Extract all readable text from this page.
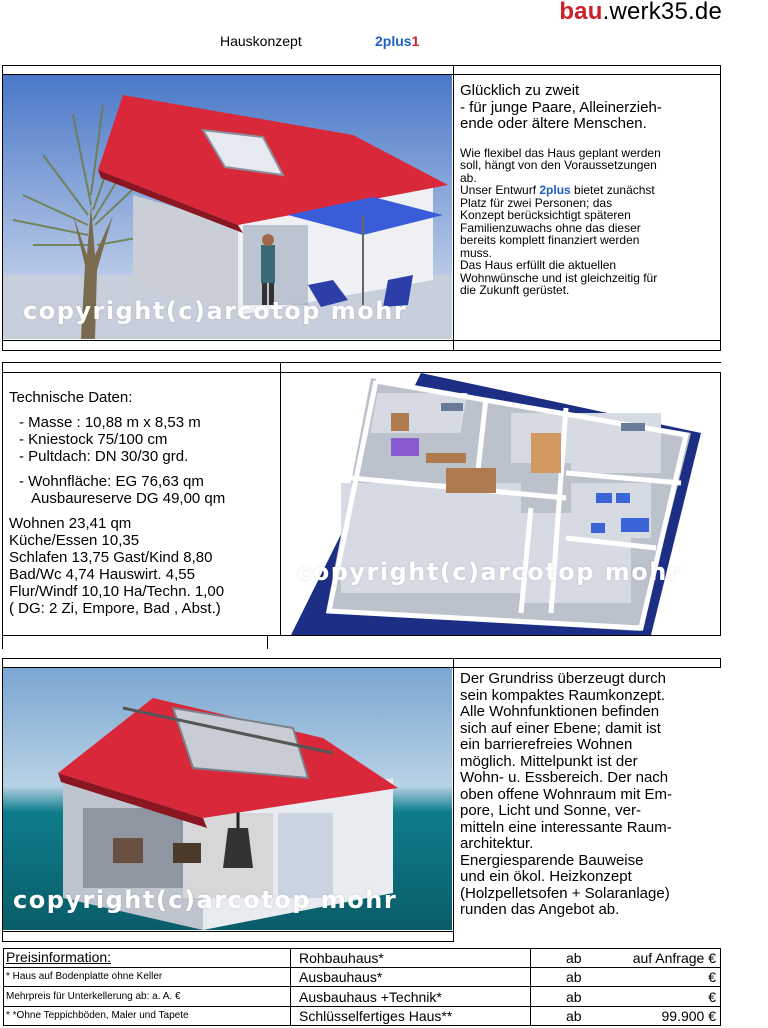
bau.werk35.de
Hauskonzept	2plus1
copyright(c)arcotop mohr
Glücklich zu zweit
- für junge Paare, Alleinerzieh-
ende oder ältere Menschen.
Wie flexibel das Haus geplant werden
soll, hängt von den Voraussetzungen
ab.
Unser Entwurf 2plus bietet zunächst
Platz für zwei Personen; das
Konzept berücksichtigt späteren
Familienzuwachs ohne das dieser
bereits komplett finanziert werden
muss.
Das Haus erfüllt die aktuellen
Wohnwünsche und ist gleichzeitig für
die Zukunft gerüstet.

Technische Daten:

- Masse : 10,88 m x 8,53 m

- Kniestock 75/100 cm

- Pultdach: DN 30/30 grd.

- Wohnfläche: EG 76,63 qm

Ausbaureserve DG 49,00 qm

Wohnen 23,41 qm

Küche/Essen 10,35

Schlafen 13,75 Gast/Kind 8,80

Bad/Wc 4,74 Hauswirt. 4,55

Flur/Windf 10,10 Ha/Techn. 1,00

( DG: 2 Zi, Empore, Bad , Abst.)

copyright(c)arcotop mohr
copyright(c)arcotop mohr
Der Grundriss überzeugt durch
sein kompaktes Raumkonzept.
Alle Wohnfunktionen befinden
sich auf einer Ebene; damit ist
ein barrierefreies Wohnen
möglich. Mittelpunkt ist der
Wohn- u. Essbereich. Der nach
oben offene Wohnraum mit Em-
pore, Licht und Sonne, ver-
mitteln eine interessante Raum-
architektur.
Energiesparende Bauweise
und ein ökol. Heizkonzept
(Holzpelletsofen + Solaranlage)
runden das Angebot ab.
Preisinformation:	Rohbauhaus*	ab	auf Anfrage €
* Haus auf Bodenplatte ohne Keller	Ausbauhaus*	ab	€
Mehrpreis für Unterkellerung ab: a. A. €	Ausbauhaus +Technik*	ab	€
* *Ohne Teppichböden, Maler und Tapete	Schlüsselfertiges Haus**	ab	99.900 €
